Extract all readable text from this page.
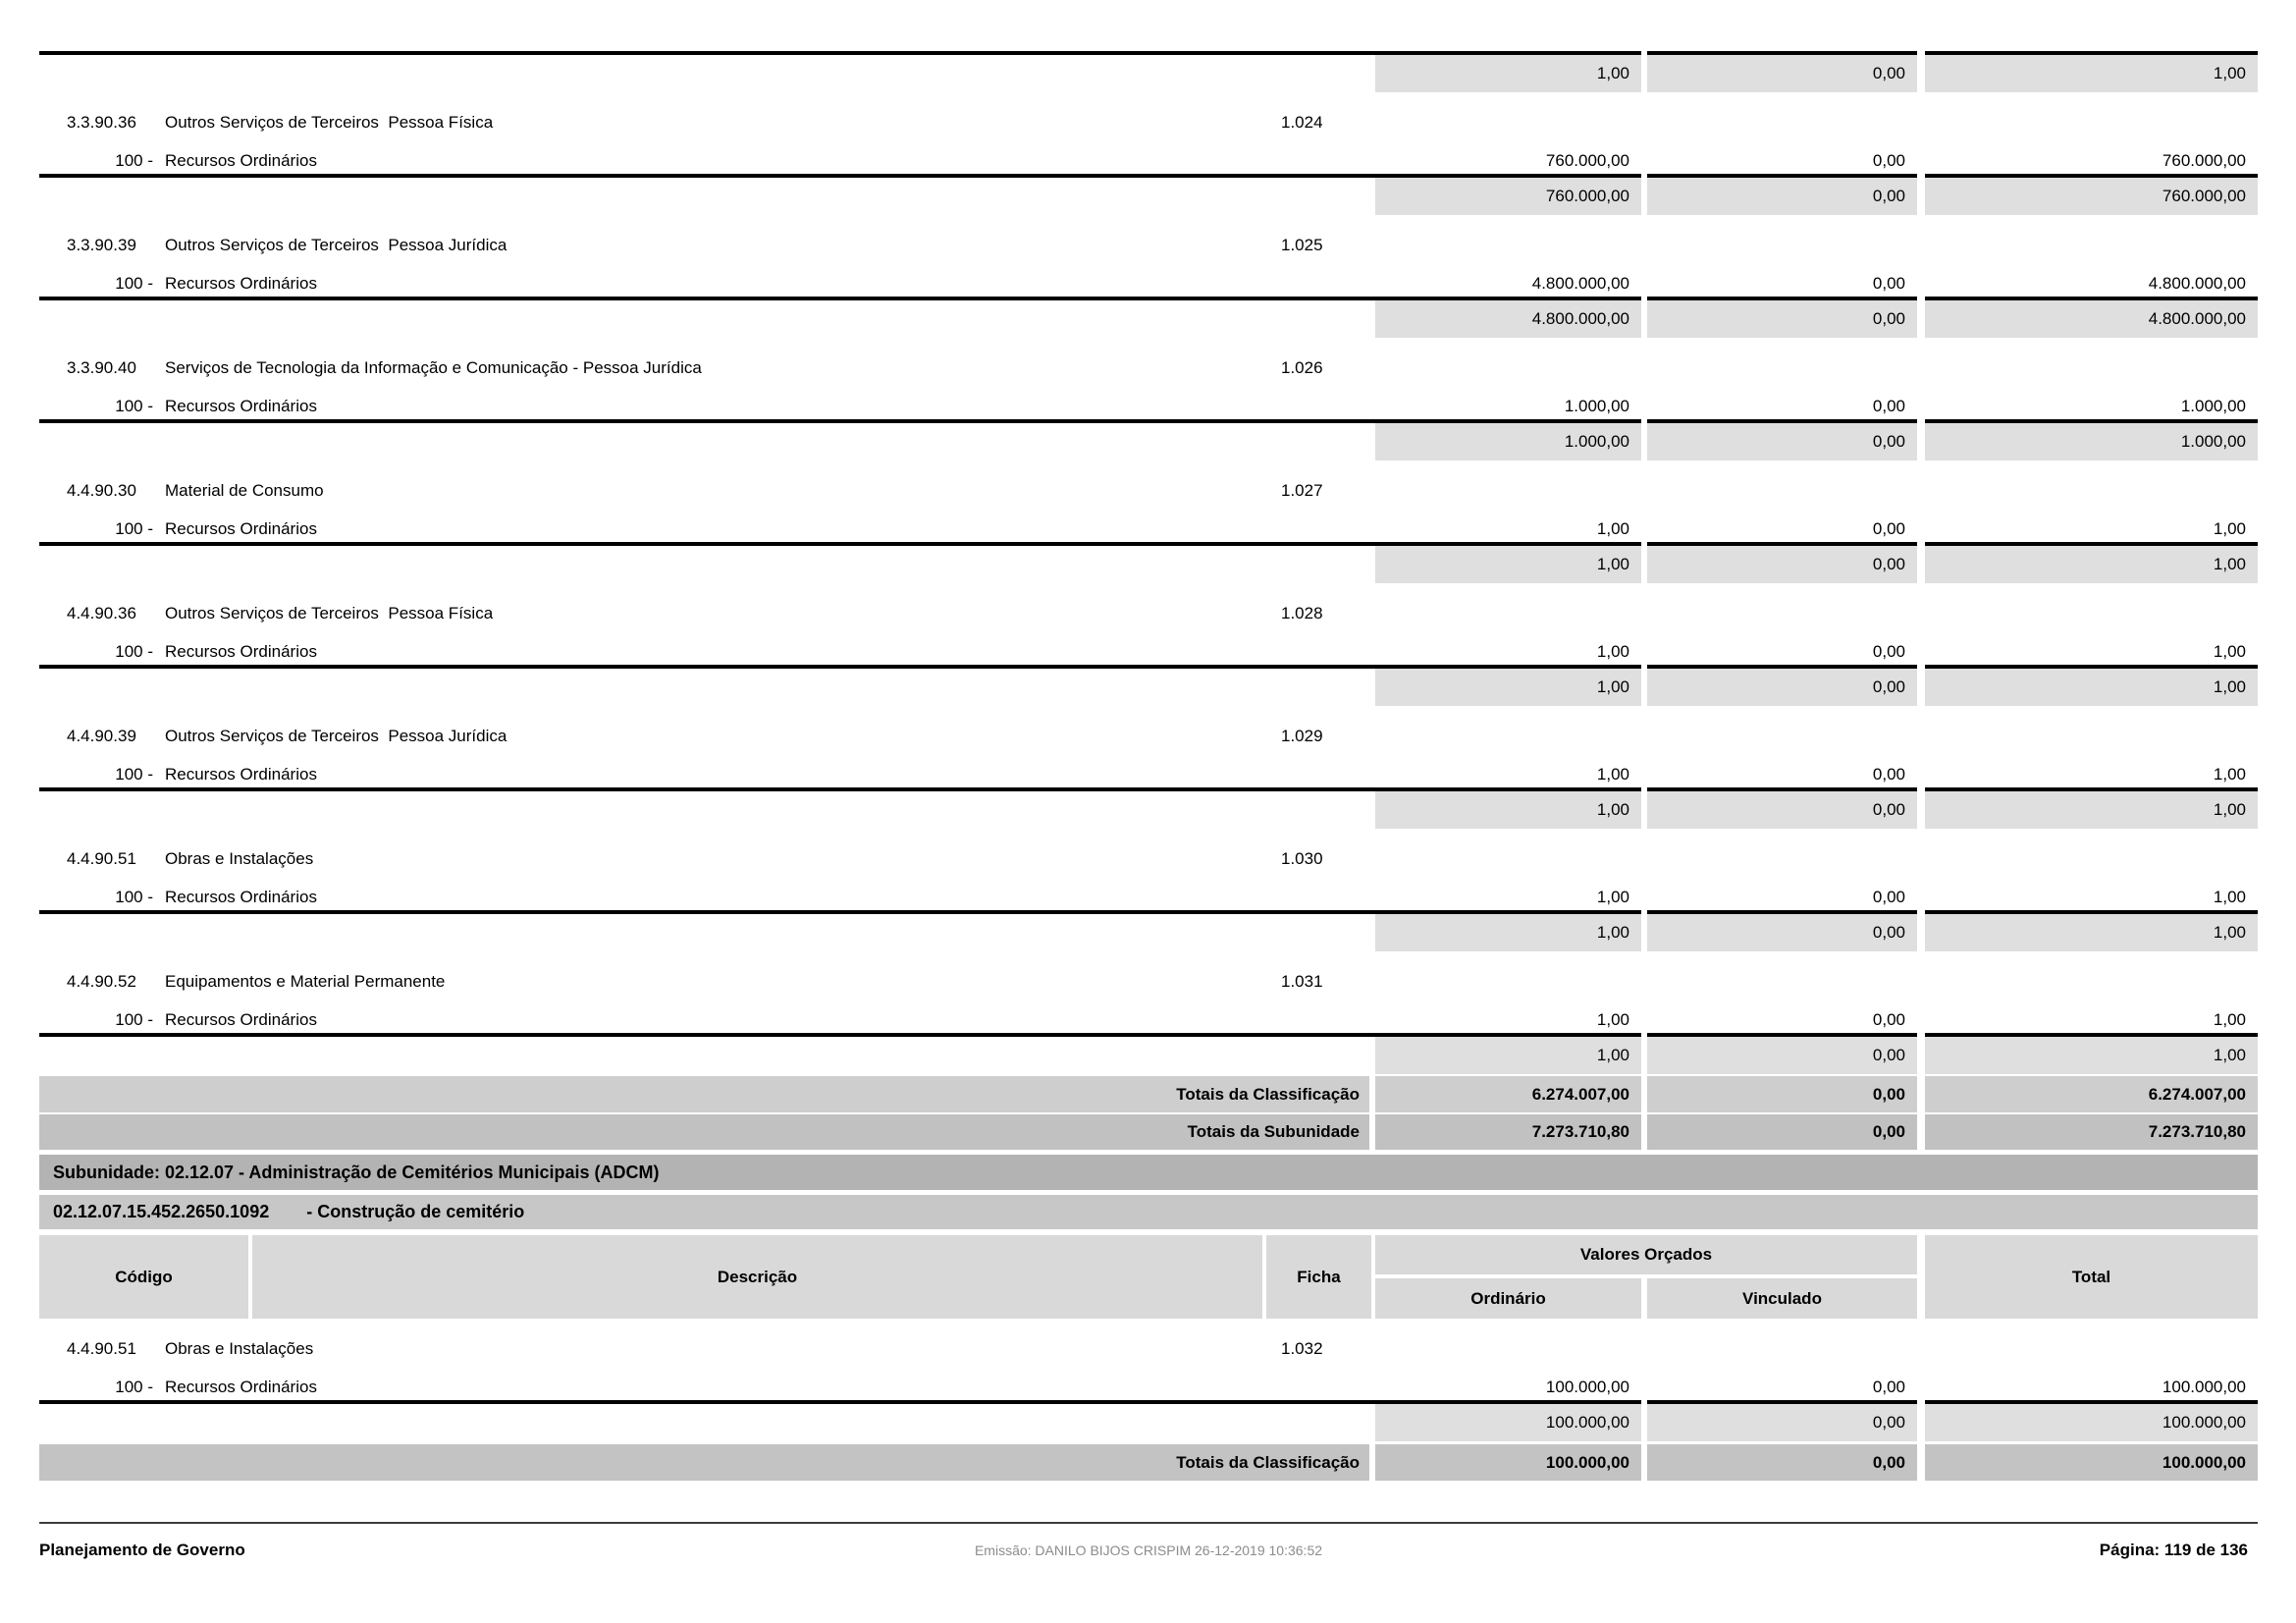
1,00	0,00	1,00
3.3.90.36 Outros Serviços de Terceiros  Pessoa Física	1.024
100 - Recursos Ordinários	760.000,00	0,00	760.000,00
760.000,00	0,00	760.000,00
3.3.90.39 Outros Serviços de Terceiros  Pessoa Jurídica	1.025
100 - Recursos Ordinários	4.800.000,00	0,00	4.800.000,00
4.800.000,00	0,00	4.800.000,00
3.3.90.40 Serviços de Tecnologia da Informação e Comunicação - Pessoa Jurídica	1.026
100 - Recursos Ordinários	1.000,00	0,00	1.000,00
1.000,00	0,00	1.000,00
4.4.90.30 Material de Consumo	1.027
100 - Recursos Ordinários	1,00	0,00	1,00
1,00	0,00	1,00
4.4.90.36 Outros Serviços de Terceiros  Pessoa Física	1.028
100 - Recursos Ordinários	1,00	0,00	1,00
1,00	0,00	1,00
4.4.90.39 Outros Serviços de Terceiros  Pessoa Jurídica	1.029
100 - Recursos Ordinários	1,00	0,00	1,00
1,00	0,00	1,00
4.4.90.51 Obras e Instalações	1.030
100 - Recursos Ordinários	1,00	0,00	1,00
1,00	0,00	1,00
4.4.90.52 Equipamentos e Material Permanente	1.031
100 - Recursos Ordinários	1,00	0,00	1,00
1,00	0,00	1,00
Totais da Classificação	6.274.007,00	0,00	6.274.007,00
Totais da Subunidade	7.273.710,80	0,00	7.273.710,80
Subunidade: 02.12.07 - Administração de Cemitérios Municipais (ADCM)
02.12.07.15.452.2650.1092 - Construção de cemitério
Código	Descrição	Ficha
Valores Orçados
Ordinário	Vinculado
Total
4.4.90.51 Obras e Instalações	1.032
100 - Recursos Ordinários	100.000,00	0,00	100.000,00
100.000,00	0,00	100.000,00
Totais da Classificação	100.000,00	0,00	100.000,00
Planejamento de Governo	Emissão: DANILO BIJOS CRISPIM 26-12-2019 10:36:52	Página: 119 de 136
